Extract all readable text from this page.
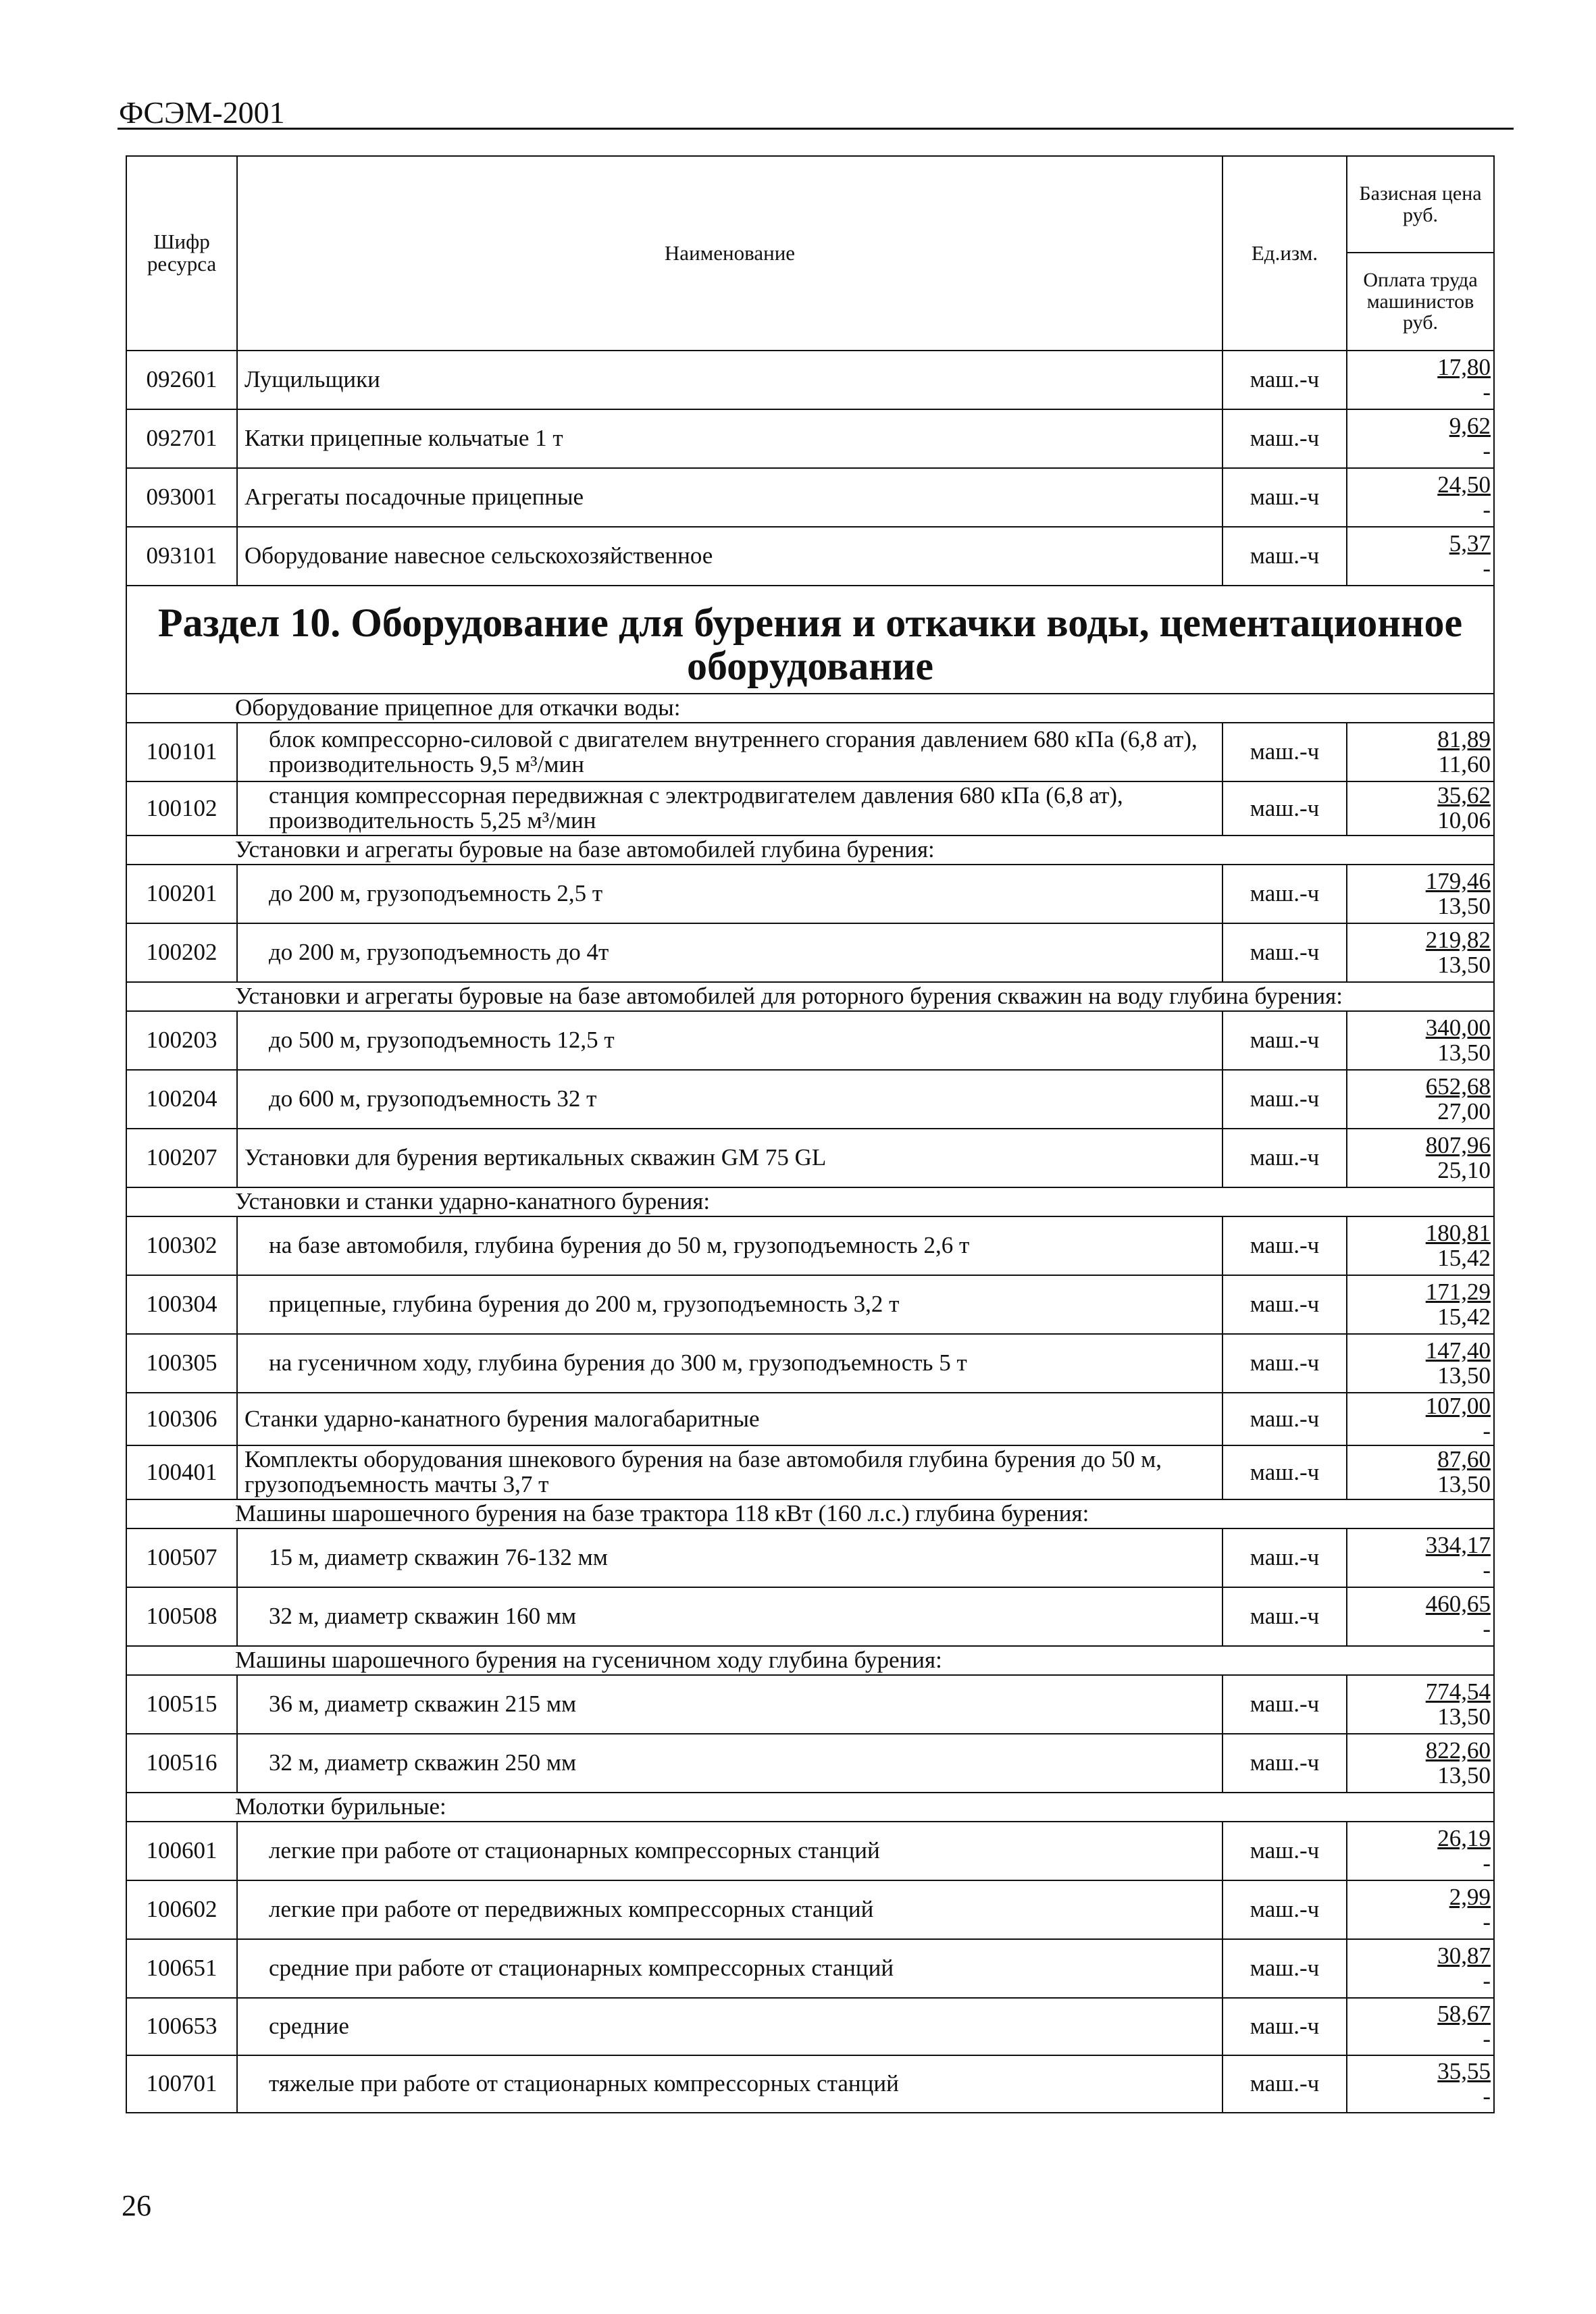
ФСЭМ-2001
Шифр ресурса	Наименование	Ед.изм.	Базисная цена руб.
			Оплата труда машинистов руб.
092601	Лущильщики	маш.-ч	17,80
-

092701	Катки прицепные кольчатые 1 т	маш.-ч	9,62
-

093001	Агрегаты посадочные прицепные	маш.-ч	24,50
-

093101	Оборудование навесное сельскохозяйственное	маш.-ч	5,37
-

Раздел 10. Оборудование для бурения и откачки воды, цементационное оборудование			
Оборудование прицепное для откачки воды:			
100101	блок компрессорно-силовой с двигателем внутреннего сгорания давлением 680 кПа (6,8 ат), производительность 9,5 м³/мин	маш.-ч	81,89
11,60

100102	станция компрессорная передвижная с электродвигателем давления 680 кПа (6,8 ат), производительность 5,25 м³/мин	маш.-ч	35,62
10,06

Установки и агрегаты буровые на базе автомобилей глубина бурения:			
100201	до 200 м, грузоподъемность 2,5 т	маш.-ч	179,46
13,50

100202	до 200 м, грузоподъемность до 4т	маш.-ч	219,82
13,50

Установки и агрегаты буровые на базе автомобилей для роторного бурения скважин на воду глубина бурения:			
100203	до 500 м, грузоподъемность 12,5 т	маш.-ч	340,00
13,50

100204	до 600 м, грузоподъемность 32 т	маш.-ч	652,68
27,00

100207	Установки для бурения вертикальных скважин GM 75 GL	маш.-ч	807,96
25,10

Установки и станки ударно-канатного бурения:			
100302	на базе автомобиля, глубина бурения до 50 м, грузоподъемность 2,6 т	маш.-ч	180,81
15,42

100304	прицепные, глубина бурения до 200 м, грузоподъемность 3,2 т	маш.-ч	171,29
15,42

100305	на гусеничном ходу, глубина бурения до 300 м, грузоподъемность 5 т	маш.-ч	147,40
13,50

100306	Станки ударно-канатного бурения малогабаритные	маш.-ч	107,00
-

100401	Комплекты оборудования шнекового бурения на базе автомобиля глубина бурения до 50 м, грузоподъемность мачты 3,7 т	маш.-ч	87,60
13,50

Машины шарошечного бурения на базе трактора 118 кВт (160 л.с.) глубина бурения:			
100507	15 м, диаметр скважин 76-132 мм	маш.-ч	334,17
-

100508	32 м, диаметр скважин 160 мм	маш.-ч	460,65
-

Машины шарошечного бурения на гусеничном ходу глубина бурения:			
100515	36 м, диаметр скважин 215 мм	маш.-ч	774,54
13,50

100516	32 м, диаметр скважин 250 мм	маш.-ч	822,60
13,50

Молотки бурильные:			
100601	легкие при работе от стационарных компрессорных станций	маш.-ч	26,19
-

100602	легкие при работе от передвижных компрессорных станций	маш.-ч	2,99
-

100651	средние при работе от стационарных компрессорных станций	маш.-ч	30,87
-

100653	средние	маш.-ч	58,67
-

100701	тяжелые при работе от стационарных компрессорных станций	маш.-ч	35,55
-
26
